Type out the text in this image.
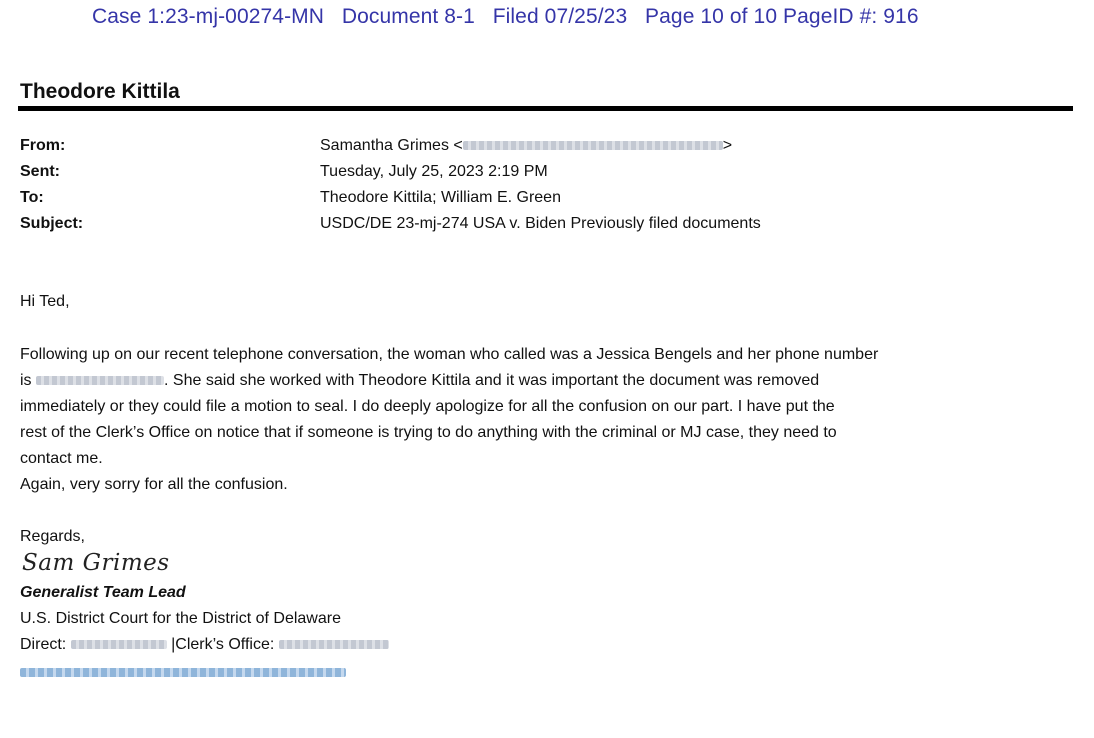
Case 1:23-mj-00274-MN   Document 8-1   Filed 07/25/23   Page 10 of 10 PageID #: 916
Theodore Kittila
From:	Samantha Grimes <	>
Sent:	Tuesday, July 25, 2023 2:19 PM
To:	Theodore Kittila; William E. Green
Subject:	USDC/DE 23-mj-274 USA v. Biden Previously filed documents
Hi Ted,
Following up on our recent telephone conversation, the woman who called was a Jessica Bengels and her phone number
is	. She said she worked with Theodore Kittila and it was important the document was removed
immediately or they could file a motion to seal. I do deeply apologize for all the confusion on our part. I have put the
rest of the Clerk’s Office on notice that if someone is trying to do anything with the criminal or MJ case, they need to
contact me.
Again, very sorry for all the confusion.
Regards,
Sam Grimes
Generalist Team Lead
U.S. District Court for the District of Delaware
Direct:	|Clerk’s Office:
